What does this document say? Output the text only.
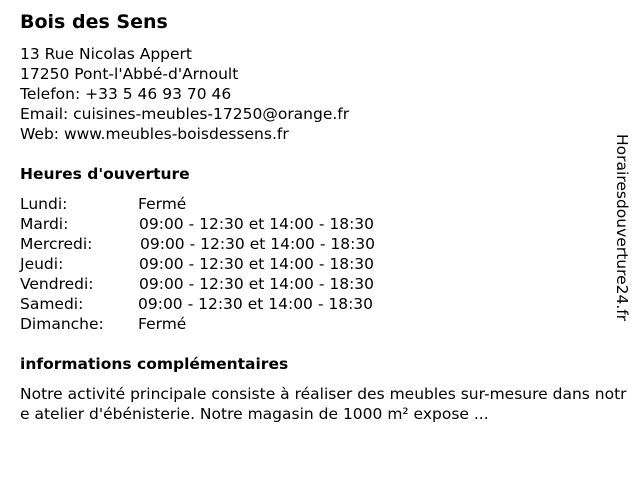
Bois des Sens
13 Rue Nicolas Appert
17250 Pont-l'Abbé-d'Arnoult
Telefon: +33 5 46 93 70 46
Email: cuisines-meubles-17250@orange.fr
Web: www.meubles-boisdessens.fr
Heures d'ouverture
Lundi:	Fermé
Mardi:	09:00 - 12:30 et 14:00 - 18:30
Mercredi:	09:00 - 12:30 et 14:00 - 18:30
Jeudi:	09:00 - 12:30 et 14:00 - 18:30
Vendredi:	09:00 - 12:30 et 14:00 - 18:30
Samedi:	09:00 - 12:30 et 14:00 - 18:30
Dimanche: Fermé
informations complémentaires
Notre activité principale consiste à réaliser des meubles sur-mesure dans notre atelier d'ébénisterie. Notre magasin de 1000 m² expose ...
Horairesdouverture24.fr
